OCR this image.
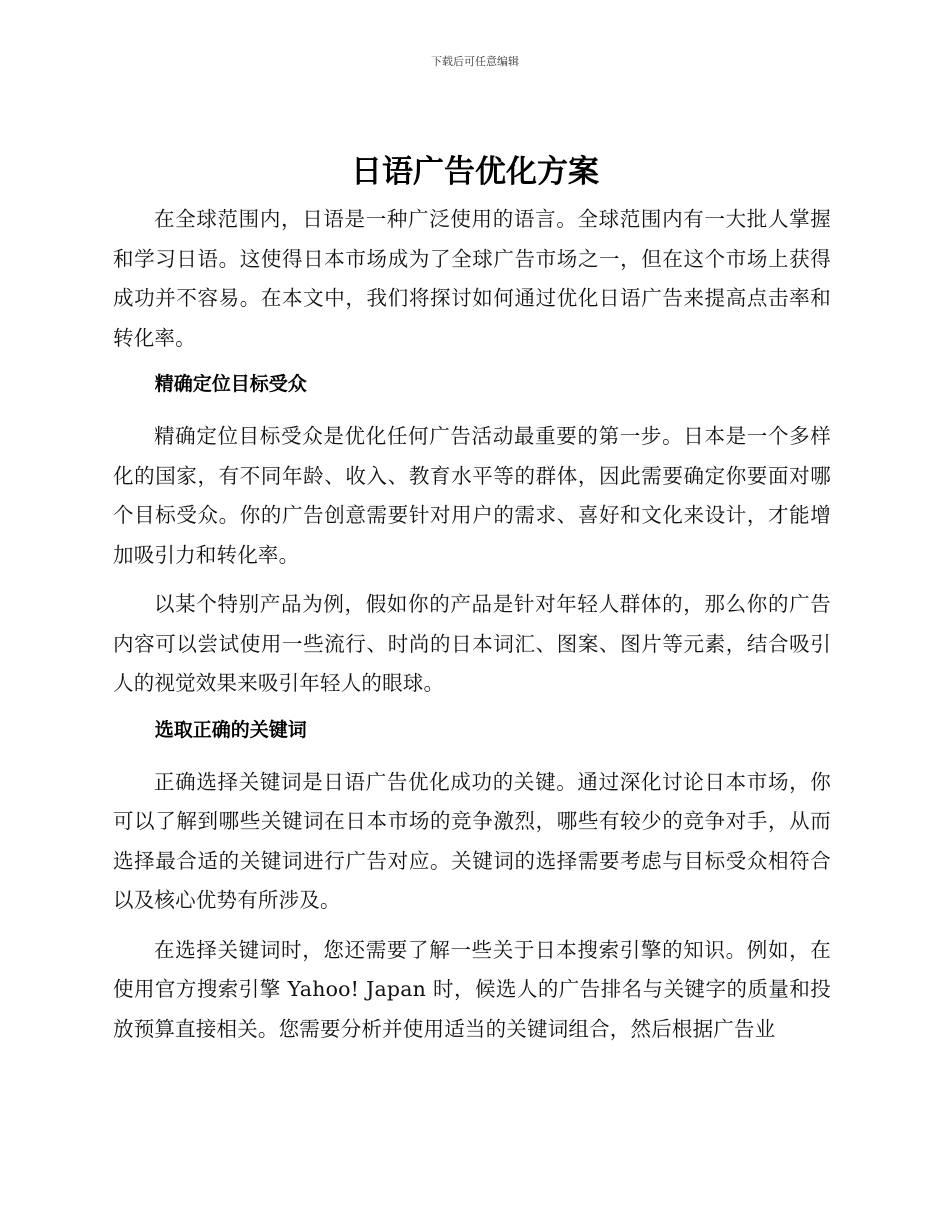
下载后可任意编辑
日语广告优化方案

在全球范围内，日语是一种广泛使用的语言。全球范围内有一大批人掌握和学习日语。这使得日本市场成为了全球广告市场之一，但在这个市场上获得成功并不容易。在本文中，我们将探讨如何通过优化日语广告来提高点击率和转化率。

精确定位目标受众

精确定位目标受众是优化任何广告活动最重要的第一步。日本是一个多样化的国家，有不同年龄、收入、教育水平等的群体，因此需要确定你要面对哪个目标受众。你的广告创意需要针对用户的需求、喜好和文化来设计，才能增加吸引力和转化率。

以某个特别产品为例，假如你的产品是针对年轻人群体的，那么你的广告内容可以尝试使用一些流行、时尚的日本词汇、图案、图片等元素，结合吸引人的视觉效果来吸引年轻人的眼球。

选取正确的关键词

正确选择关键词是日语广告优化成功的关键。通过深化讨论日本市场，你可以了解到哪些关键词在日本市场的竞争激烈，哪些有较少的竞争对手，从而选择最合适的关键词进行广告对应。关键词的选择需要考虑与目标受众相符合以及核心优势有所涉及。

在选择关键词时，您还需要了解一些关于日本搜索引擎的知识。例如，在使用官方搜索引擎 Yahoo! Japan 时，候选人的广告排名与关键字的质量和投放预算直接相关。您需要分析并使用适当的关键词组合，然后根据广告业
